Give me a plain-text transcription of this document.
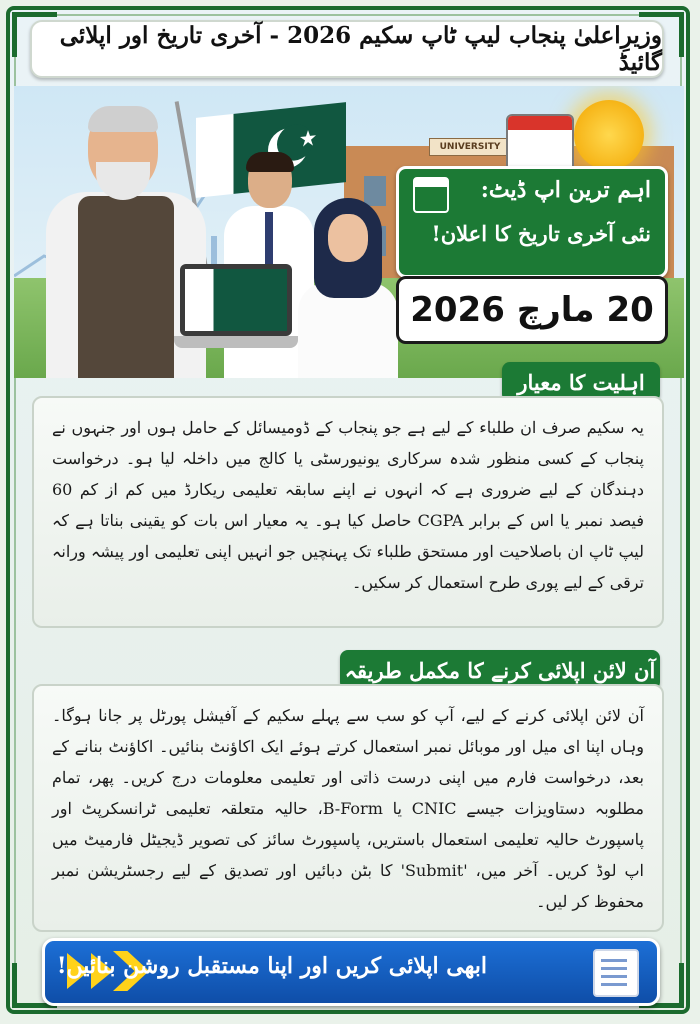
وزیرِاعلیٰ پنجاب لیپ ٹاپ سکیم 2026 - آخری تاریخ اور اپلائی گائیڈ
UNIVERSITY
اہم ترین اپ ڈیٹ:
نئی آخری تاریخ کا اعلان!
20 مارچ 2026
اہلیت کا معیار

یہ سکیم صرف ان طلباء کے لیے ہے جو پنجاب کے ڈومیسائل کے حامل ہوں اور جنہوں نے پنجاب کے کسی منظور شدہ سرکاری یونیورسٹی یا کالج میں داخلہ لیا ہو۔ درخواست دہندگان کے لیے ضروری ہے کہ انہوں نے اپنے سابقہ تعلیمی ریکارڈ میں کم از کم 60 فیصد نمبر یا اس کے برابر CGPA حاصل کیا ہو۔ یہ معیار اس بات کو یقینی بناتا ہے کہ لیپ ٹاپ ان باصلاحیت اور مستحق طلباء تک پہنچیں جو انہیں اپنی تعلیمی اور پیشہ ورانہ ترقی کے لیے پوری طرح استعمال کر سکیں۔

آن لائن اپلائی کرنے کا مکمل طریقہ

آن لائن اپلائی کرنے کے لیے، آپ کو سب سے پہلے سکیم کے آفیشل پورٹل پر جانا ہوگا۔ وہاں اپنا ای میل اور موبائل نمبر استعمال کرتے ہوئے ایک اکاؤنٹ بنائیں۔ اکاؤنٹ بنانے کے بعد، درخواست فارم میں اپنی درست ذاتی اور تعلیمی معلومات درج کریں۔ پھر، تمام مطلوبہ دستاویزات جیسے CNIC یا B-Form، حالیہ متعلقہ تعلیمی ٹرانسکرپٹ اور پاسپورٹ حالیہ تعلیمی استعمال باستریں، پاسپورٹ سائز کی تصویر ڈیجیٹل فارمیٹ میں اپ لوڈ کریں۔ آخر میں، 'Submit' کا بٹن دبائیں اور تصدیق کے لیے رجسٹریشن نمبر محفوظ کر لیں۔

ابھی اپلائی کریں اور اپنا مستقبل روشن بنائیں!
